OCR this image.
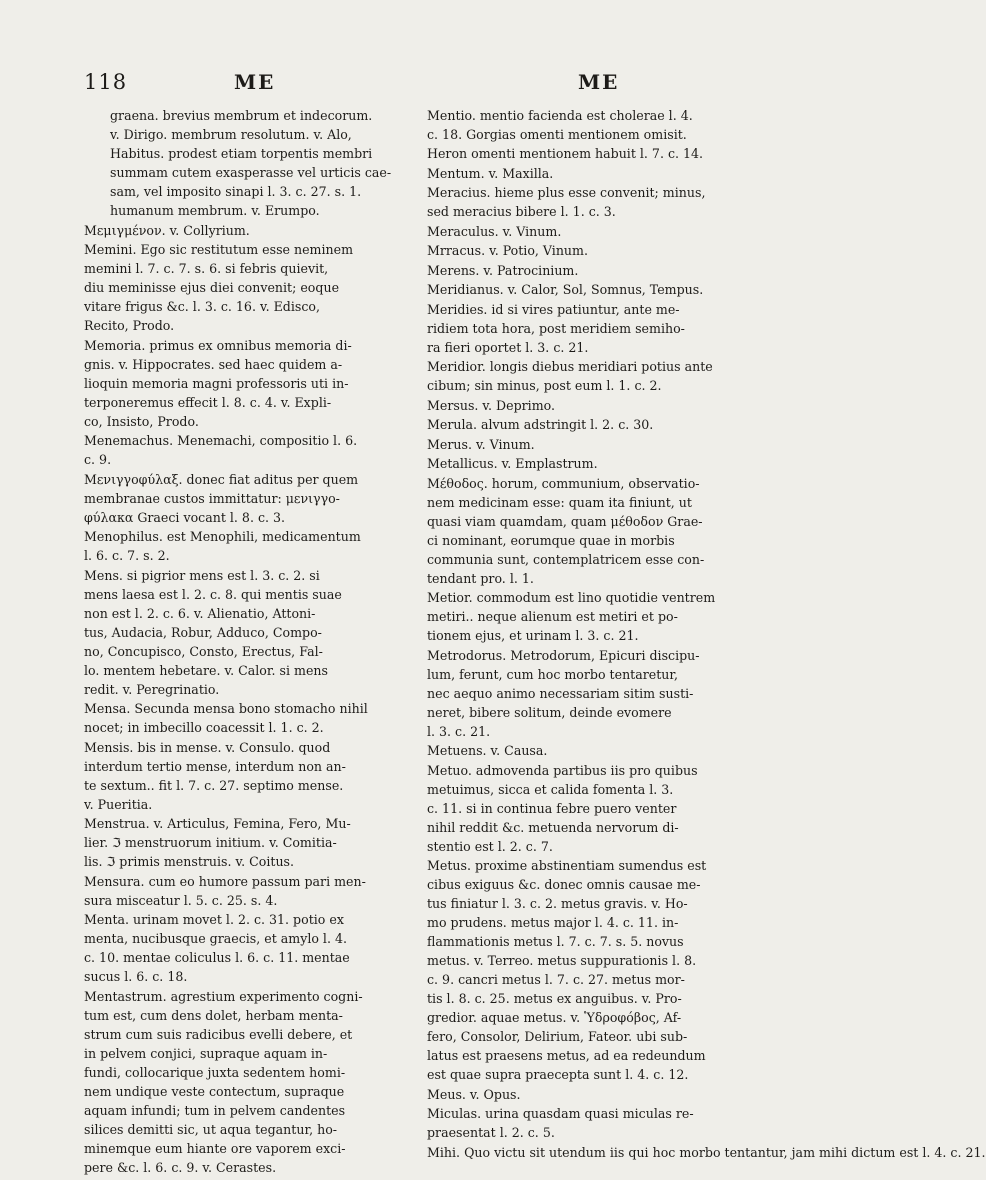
118	ME	ME
graena. brevius membrum et indecorum.
v. Dirigo. membrum resolutum. v. Alo,
Habitus. prodest etiam torpentis membri
summam cutem exasperasse vel urticis cae-
sam, vel imposito sinapi l. 3. c. 27. s. 1.
humanum membrum. v. Erumpo.
Μεμιγμένον. v. Collyrium.
Memini. Ego sic restitutum esse neminem
memini l. 7. c. 7. s. 6. si febris quievit,
diu meminisse ejus diei convenit; eoque
vitare frigus &c. l. 3. c. 16. v. Edisco,
Recito, Prodo.
Memoria. primus ex omnibus memoria di-
gnis. v. Hippocrates. sed haec quidem a-
lioquin memoria magni professoris uti in-
terponeremus effecit l. 8. c. 4. v. Expli-
co, Insisto, Prodo.
Menemachus. Menemachi, compositio l. 6.
c. 9.
Μενιγγοφύλαξ. donec fiat aditus per quem
membranae custos immittatur: μενιγγο-
φύλακα Graeci vocant l. 8. c. 3.
Menophilus. est Menophili, medicamentum
l. 6. c. 7. s. 2.
Mens. si pigrior mens est l. 3. c. 2. si
mens laesa est l. 2. c. 8. qui mentis suae
non est l. 2. c. 6. v. Alienatio, Attoni-
tus, Audacia, Robur, Adduco, Compo-
no, Concupisco, Consto, Erectus, Fal-
lo. mentem hebetare. v. Calor. si mens
redit. v. Peregrinatio.
Mensa. Secunda mensa bono stomacho nihil
nocet; in imbecillo coacessit l. 1. c. 2.
Mensis. bis in mense. v. Consulo. quod
interdum tertio mense, interdum non an-
te sextum.. fit l. 7. c. 27. septimo mense.
v. Pueritia.
Menstrua. v. Articulus, Femina, Fero, Mu-
lier. ℑ menstruorum initium. v. Comitia-
lis. ℑ primis menstruis. v. Coitus.
Mensura. cum eo humore passum pari men-
sura misceatur l. 5. c. 25. s. 4.
Menta. urinam movet l. 2. c. 31. potio ex
menta, nucibusque graecis, et amylo l. 4.
c. 10. mentae coliculus l. 6. c. 11. mentae
sucus l. 6. c. 18.
Mentastrum. agrestium experimento cogni-
tum est, cum dens dolet, herbam menta-
strum cum suis radicibus evelli debere, et
in pelvem conjici, supraque aquam in-
fundi, collocarique juxta sedentem homi-
nem undique veste contectum, supraque
aquam infundi; tum in pelvem candentes
silices demitti sic, ut aqua tegantur, ho-
minemque eum hiante ore vaporem exci-
pere &c. l. 6. c. 9. v. Cerastes.
Mentio. mentio facienda est cholerae l. 4.
c. 18. Gorgias omenti mentionem omisit.
Heron omenti mentionem habuit l. 7. c. 14.
Mentum. v. Maxilla.
Meracius. hieme plus esse convenit; minus,
sed meracius bibere l. 1. c. 3.
Meraculus. v. Vinum.
Mrracus. v. Potio, Vinum.
Merens. v. Patrocinium.
Meridianus. v. Calor, Sol, Somnus, Tempus.
Meridies. id si vires patiuntur, ante me-
ridiem tota hora, post meridiem semiho-
ra fieri oportet l. 3. c. 21.
Meridior. longis diebus meridiari potius ante
cibum; sin minus, post eum l. 1. c. 2.
Mersus. v. Deprimo.
Merula. alvum adstringit l. 2. c. 30.
Merus. v. Vinum.
Metallicus. v. Emplastrum.
Μέθοδος. horum, communium, observatio-
nem medicinam esse: quam ita finiunt, ut
quasi viam quamdam, quam μέθοδον Grae-
ci nominant, eorumque quae in morbis
communia sunt, contemplatricem esse con-
tendant pro. l. 1.
Metior. commodum est lino quotidie ventrem
metiri.. neque alienum est metiri et po-
tionem ejus, et urinam l. 3. c. 21.
Metrodorus. Metrodorum, Epicuri discipu-
lum, ferunt, cum hoc morbo tentaretur,
nec aequo animo necessariam sitim susti-
neret, bibere solitum, deinde evomere
l. 3. c. 21.
Metuens. v. Causa.
Metuo. admovenda partibus iis pro quibus
metuimus, sicca et calida fomenta l. 3.
c. 11. si in continua febre puero venter
nihil reddit &c. metuenda nervorum di-
stentio est l. 2. c. 7.
Metus. proxime abstinentiam sumendus est
cibus exiguus &c. donec omnis causae me-
tus finiatur l. 3. c. 2. metus gravis. v. Ho-
mo prudens. metus major l. 4. c. 11. in-
flammationis metus l. 7. c. 7. s. 5. novus
metus. v. Terreo. metus suppurationis l. 8.
c. 9. cancri metus l. 7. c. 27. metus mor-
tis l. 8. c. 25. metus ex anguibus. v. Pro-
gredior. aquae metus. v. Ὑδροφόβος, Af-
fero, Consolor, Delirium, Fateor. ubi sub-
latus est praesens metus, ad ea redeundum
est quae supra praecepta sunt l. 4. c. 12.
Meus. v. Opus.
Miculas. urina quasdam quasi miculas re-
praesentat l. 2. c. 5.
Mihi. Quo victu sit utendum iis qui hoc morbo tentantur, jam mihi dictum est l. 4. c. 21.
